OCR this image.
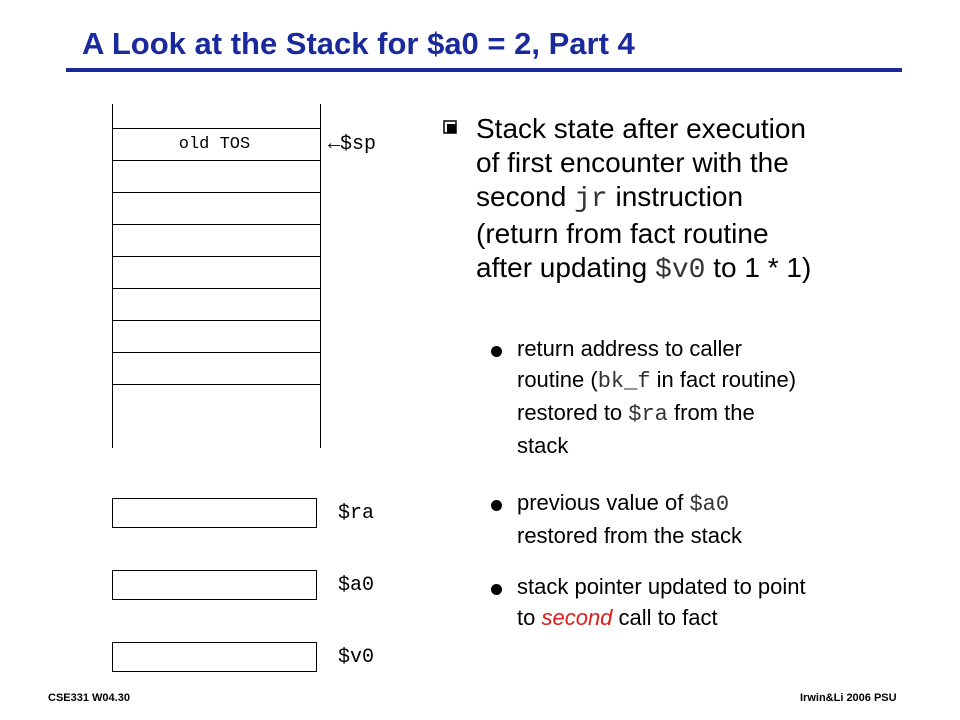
A Look at the Stack for $a0 = 2, Part 4
old TOS	←$sp
$ra
$a0
$v0
Stack state after execution
of first encounter with the
second jr instruction
(return from fact routine
after updating $v0 to 1 * 1)
return address to caller
routine (bk_f in fact routine)
restored to $ra from the
stack
previous value of $a0
restored from the stack
stack pointer updated to point
to second call to fact
CSE331 W04.30	Irwin&Li 2006 PSU
